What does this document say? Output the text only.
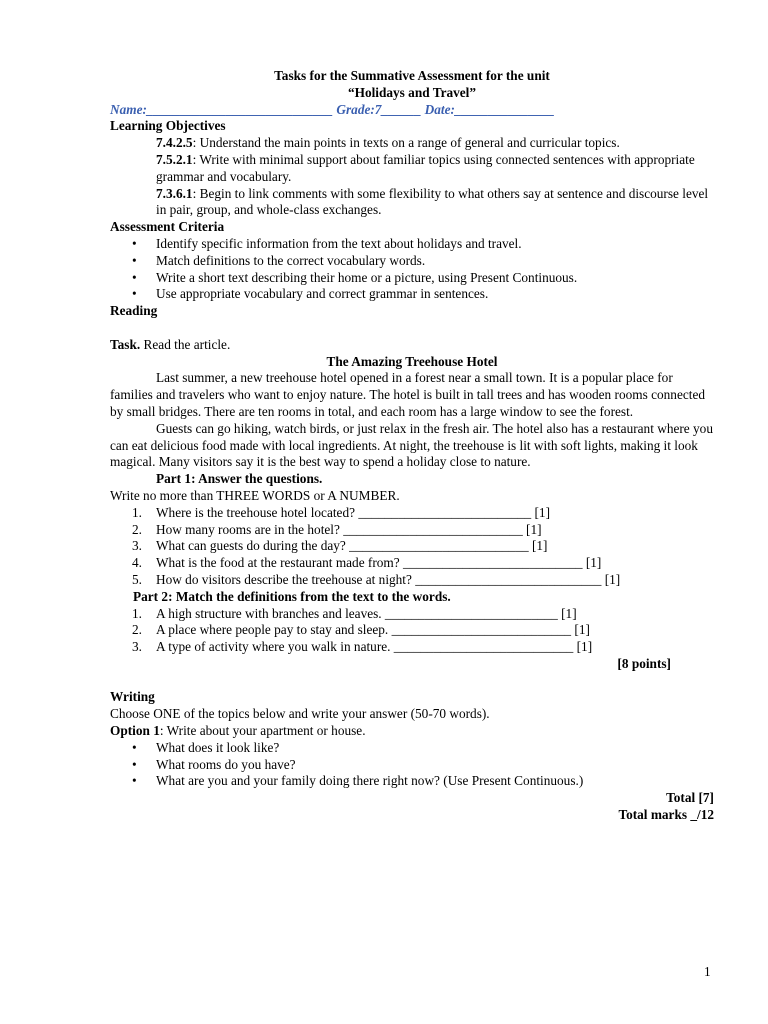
Tasks for the Summative Assessment for the unit
“Holidays and Travel”
Name:____________________________ Grade:7______ Date:_______________
Learning Objectives
7.4.2.5: Understand the main points in texts on a range of general and curricular topics.
7.5.2.1: Write with minimal support about familiar topics using connected sentences with appropriate grammar and vocabulary.
7.3.6.1: Begin to link comments with some flexibility to what others say at sentence and discourse level in pair, group, and whole-class exchanges.
Assessment Criteria
• Identify specific information from the text about holidays and travel.
• Match definitions to the correct vocabulary words.
• Write a short text describing their home or a picture, using Present Continuous.
• Use appropriate vocabulary and correct grammar in sentences.
Reading
Task. Read the article.
The Amazing Treehouse Hotel

Last summer, a new treehouse hotel opened in a forest near a small town. It is a popular place for families and travelers who want to enjoy nature. The hotel is built in tall trees and has wooden rooms connected by small bridges. There are ten rooms in total, and each room has a large window to see the forest.

Guests can go hiking, watch birds, or just relax in the fresh air. The hotel also has a restaurant where you can eat delicious food made with local ingredients. At night, the treehouse is lit with soft lights, making it look magical. Many visitors say it is the best way to spend a holiday close to nature.

Part 1: Answer the questions.
Write no more than THREE WORDS or A NUMBER.
1. Where is the treehouse hotel located? __________________________ [1]
2. How many rooms are in the hotel? ___________________________ [1]
3. What can guests do during the day? ___________________________ [1]
4. What is the food at the restaurant made from? ___________________________ [1]
5. How do visitors describe the treehouse at night? ____________________________ [1]
Part 2: Match the definitions from the text to the words.
1. A high structure with branches and leaves. __________________________ [1]
2. A place where people pay to stay and sleep. ___________________________ [1]
3. A type of activity where you walk in nature. ___________________________ [1]
[8 points]
Writing
Choose ONE of the topics below and write your answer (50-70 words).
Option 1: Write about your apartment or house.
• What does it look like?
• What rooms do you have?
• What are you and your family doing there right now? (Use Present Continuous.)
Total [7]
Total marks _/12
1
